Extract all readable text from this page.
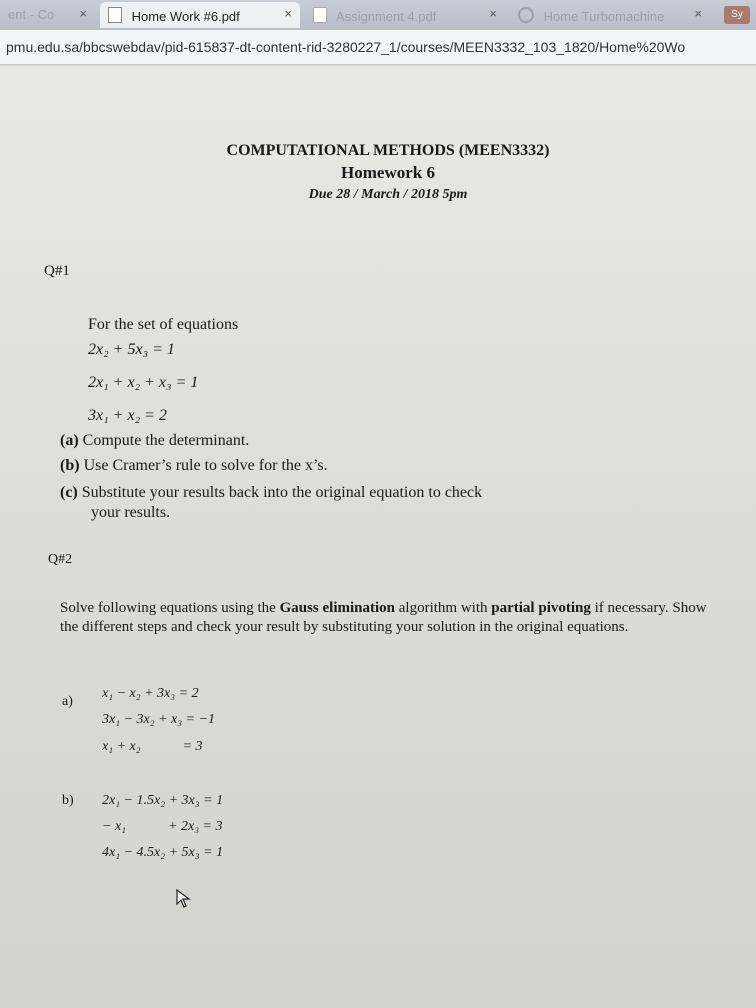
ent - Co ×	Home Work #6.pdf	×	Assignment 4.pdf	×	Home Turbomachine ×	Sy
pmu.edu.sa/bbcswebdav/pid-615837-dt-content-rid-3280227_1/courses/MEEN3332_103_1820/Home%20Wo
COMPUTATIONAL METHODS (MEEN3332)
Homework 6
Due 28 / March / 2018 5pm
Q#1
For the set of equations
2x₂ + 5x₃ = 1
2x₁ + x₂ + x₃ = 1
3x₁ + x₂ = 2
(a) Compute the determinant.
(b) Use Cramer’s rule to solve for the x’s.
(c) Substitute your results back into the original equation to check
your results.
Q#2
Solve following equations using the Gauss elimination algorithm with partial pivoting if necessary. Show the different steps and check your result by substituting your solution in the original equations.
a)
x₁ − x₂ + 3x₃ = 2
3x₁ − 3x₂ + x₃ = −1
x₁ + x₂            = 3
b) 2x₁ − 1.5x₂ + 3x₃ = 1
− x₁            + 2x₃ = 3
4x₁ − 4.5x₂ + 5x₃ = 1
